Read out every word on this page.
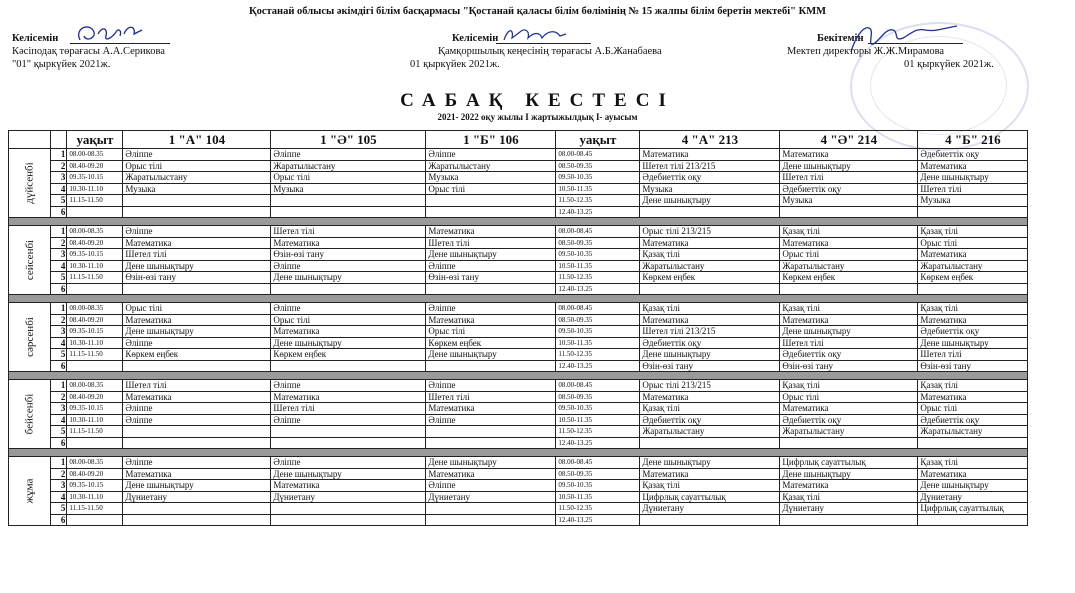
Қостанай облысы әкімдігі білім басқармасы "Қостанай қаласы білім бөлімінің № 15 жалпы білім беретін мектебі" КММ
Келісемін
Кәсіподақ төрағасы А.А.Серикова
"01" қыркүйек 2021ж.
Келісемін
Қамқоршылық кеңесінің төрағасы А.Б.Жанабаева
01 қыркүйек 2021ж.
Бекітемін
Мектеп директоры Ж.Ж.Мирамова
01 қыркүйек 2021ж.
САБАҚ КЕСТЕСІ
2021- 2022 оқу жылы І жартыжылдық І- ауысым
		уақыт	1 "А" 104	1 "Ә" 105	1 "Б" 106	уақыт	4 "А" 213	4 "Ә" 214	4 "Б" 216
дүйсенбі	1	08.00-08.35	Әліппе	Әліппе	Әліппе	08.00-08.45	Математика	Математика	Әдебиеттік оқу
	2	08.40-09.20	Орыс тілі	Жаратылыстану	Жаратылыстану	08.50-09.35	Шетел тілі 213/215	Дене шынықтыру	Математика
	3	09.35-10.15	Жаратылыстану	Орыс тілі	Музыка	09.50-10.35	Әдебиеттік оқу	Шетел тілі	Дене шынықтыру
	4	10.30-11.10	Музыка	Музыка	Орыс тілі	10.50-11.35	Музыка	Әдебиеттік оқу	Шетел тілі
	5	11.15-11.50				11.50-12.35	Дене шынықтыру	Музыка	Музыка
	6					12.40-13.25			

сейсенбі	1	08.00-08.35	Әліппе	Шетел тілі	Математика	08.00-08.45	Орыс тілі 213/215	Қазақ тілі	Қазақ тілі
	2	08.40-09.20	Математика	Математика	Шетел тілі	08.50-09.35	Математика	Математика	Орыс тілі
	3	09.35-10.15	Шетел тілі	Өзін-өзі тану	Дене шынықтыру	09.50-10.35	Қазақ тілі	Орыс тілі	Математика
	4	10.30-11.10	Дене шынықтыру	Әліппе	Әліппе	10.50-11.35	Жаратылыстану	Жаратылыстану	Жаратылыстану
	5	11.15-11.50	Өзін-өзі тану	Дене шынықтыру	Өзін-өзі тану	11.50-12.35	Көркем еңбек	Көркем еңбек	Көркем еңбек
	6					12.40-13.25			

сәрсенбі	1	08.00-08.35	Орыс тілі	Әліппе	Әліппе	08.00-08.45	Қазақ тілі	Қазақ тілі	Қазақ тілі
	2	08.40-09.20	Математика	Орыс тілі	Математика	08.50-09.35	Математика	Математика	Математика
	3	09.35-10.15	Дене шынықтыру	Математика	Орыс тілі	09.50-10.35	Шетел тілі 213/215	Дене шынықтыру	Әдебиеттік оқу
	4	10.30-11.10	Әліппе	Дене шынықтыру	Көркем еңбек	10.50-11.35	Әдебиеттік оқу	Шетел тілі	Дене шынықтыру
	5	11.15-11.50	Көркем еңбек	Көркем еңбек	Дене шынықтыру	11.50-12.35	Дене шынықтыру	Әдебиеттік оқу	Шетел тілі
	6					12.40-13.25	Өзін-өзі тану	Өзін-өзі тану	Өзін-өзі тану

бейсенбі	1	08.00-08.35	Шетел тілі	Әліппе	Әліппе	08.00-08.45	Орыс тілі 213/215	Қазақ тілі	Қазақ тілі
	2	08.40-09.20	Математика	Математика	Шетел тілі	08.50-09.35	Математика	Орыс тілі	Математика
	3	09.35-10.15	Әліппе	Шетел тілі	Математика	09.50-10.35	Қазақ тілі	Математика	Орыс тілі
	4	10.30-11.10	Әліппе	Әліппе	Әліппе	10.50-11.35	Әдебиеттік оқу	Әдебиеттік оқу	Әдебиеттік оқу
	5	11.15-11.50				11.50-12.35	Жаратылыстану	Жаратылыстану	Жаратылыстану
	6					12.40-13.25			

жұма	1	08.00-08.35	Әліппе	Әліппе	Дене шынықтыру	08.00-08.45	Дене шынықтыру	Цифрлық сауаттылық	Қазақ тілі
	2	08.40-09.20	Математика	Дене шынықтыру	Математика	08.50-09.35	Математика	Дене шынықтыру	Математика
	3	09.35-10.15	Дене шынықтыру	Математика	Әліппе	09.50-10.35	Қазақ тілі	Математика	Дене шынықтыру
	4	10.30-11.10	Дүниетану	Дүниетану	Дүниетану	10.50-11.35	Цифрлық сауаттылық	Қазақ тілі	Дүниетану
	5	11.15-11.50				11.50-12.35	Дүниетану	Дүниетану	Цифрлық сауаттылық
	6					12.40-13.25			
